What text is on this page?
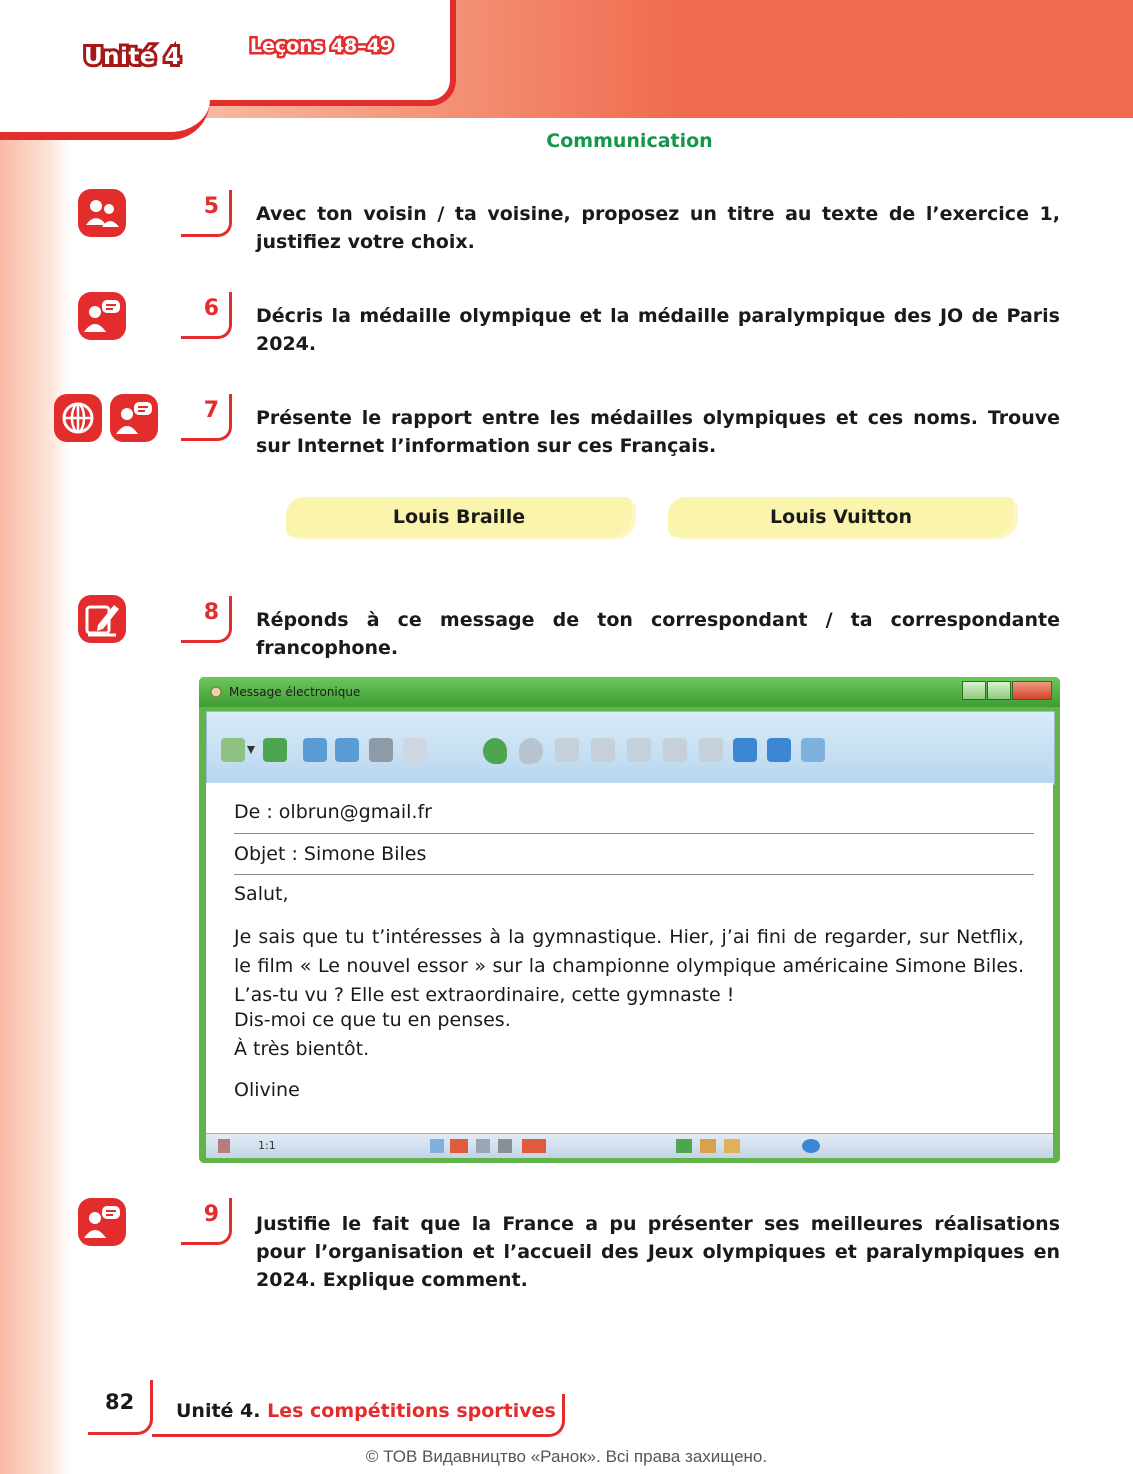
Unité 4	Leçons 48–49
Communication
5 Avec ton voisin / ta voisine, proposez un titre au texte de l’exercice 1, justifiez votre choix.
6 Décris la médaille olympique et la médaille paralympique des JO de Paris 2024.
7 Présente le rapport entre les médailles olympiques et ces noms. Trouve sur Internet l’information sur ces Français.
Louis Braille	Louis Vuitton
8 Réponds à ce message de ton correspondant / ta correspondante francophone.
Message électronique
De : olbrun@gmail.fr
Objet : Simone Biles
Salut,
Je sais que tu t’intéresses à la gymnastique. Hier, j’ai fini de regarder, sur Netflix, le film « Le nouvel essor » sur la championne olympique américaine Simone Biles. L’as-tu vu ? Elle est extraordinaire, cette gymnaste !
Dis-moi ce que tu en penses.
À très bientôt.
Olivine
1:1
9 Justifie le fait que la France a pu présenter ses meilleures réalisations pour l’organisation et l’accueil des Jeux olympiques et paralympiques en 2024. Explique comment.
82 Unité 4. Les compétitions sportives
© ТОВ Видавництво «Ранок». Всі права захищено.
